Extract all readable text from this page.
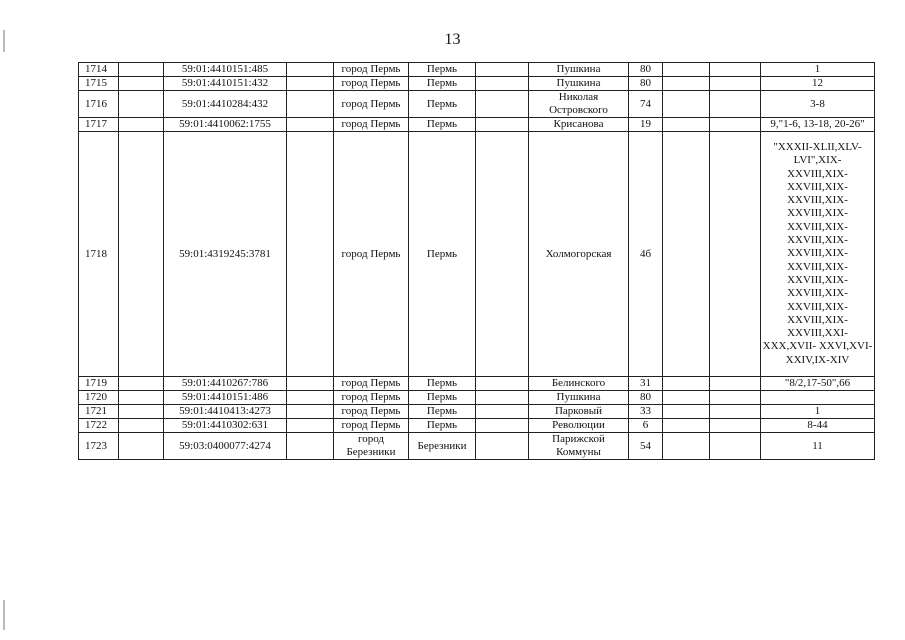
13
1714		59:01:4410151:485		город Пермь	Пермь		Пушкина	80			1
1715		59:01:4410151:432		город Пермь	Пермь		Пушкина	80			12
1716		59:01:4410284:432		город Пермь	Пермь		Николая Островского	74			3-8
1717		59:01:4410062:1755		город Пермь	Пермь		Крисанова	19			9,"1-6, 13-18, 20-26"
1718		59:01:4319245:3781		город Пермь	Пермь		Холмогорская	4б			"XXXII-XLII,XLV- LVI",XIX- XXVIII,XIX- XXVIII,XIX- XXVIII,XIX- XXVIII,XIX- XXVIII,XIX- XXVIII,XIX- XXVIII,XIX- XXVIII,XIX- XXVIII,XIX- XXVIII,XIX- XXVIII,XIX- XXVIII,XIX- XXVIII,XXI- XXX,XVII- XXVI,XVI- XXIV,IX-XIV
1719		59:01:4410267:786		город Пермь	Пермь		Белинского	31			"8/2,17-50",66
1720		59:01:4410151:486		город Пермь	Пермь		Пушкина	80			
1721		59:01:4410413:4273		город Пермь	Пермь		Парковый	33			1
1722		59:01:4410302:631		город Пермь	Пермь		Революции	6			8-44
1723		59:03:0400077:4274		город Березники	Березники		Парижской Коммуны	54			11
